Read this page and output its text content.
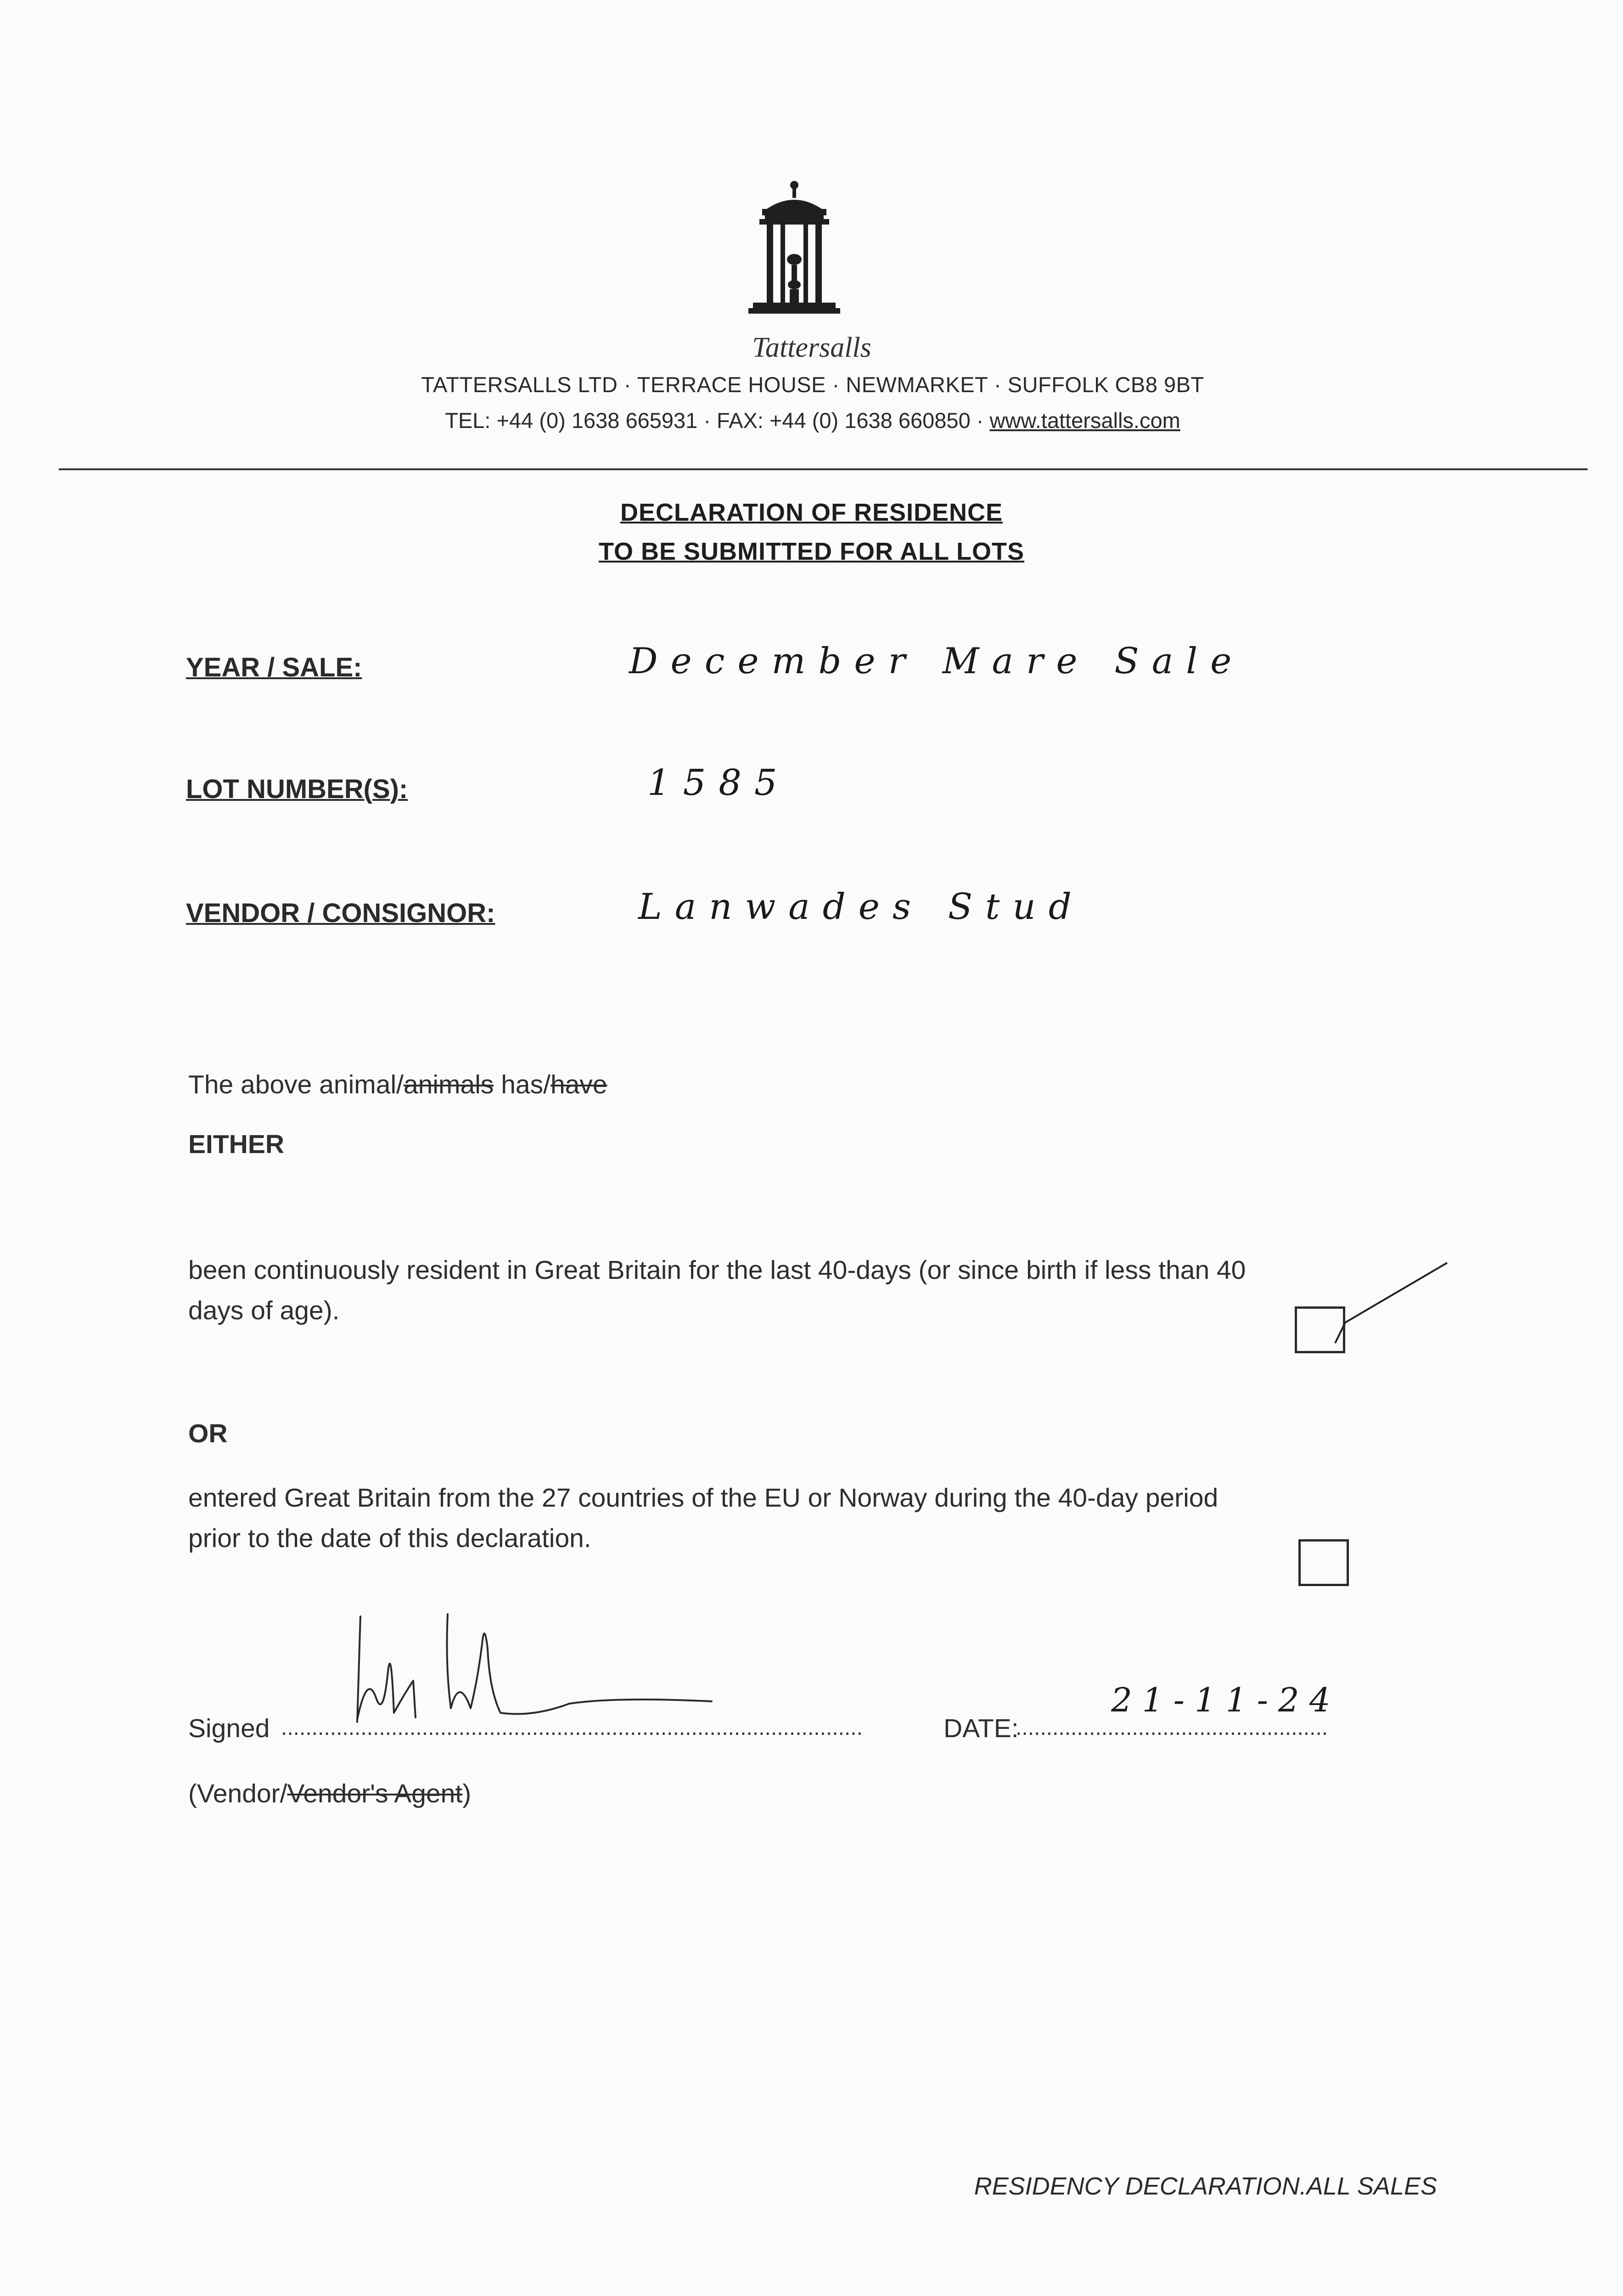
Tattersalls
TATTERSALLS LTD · TERRACE HOUSE · NEWMARKET · SUFFOLK CB8 9BT
TEL: +44 (0) 1638 665931 · FAX: +44 (0) 1638 660850 · www.tattersalls.com
DECLARATION OF RESIDENCE
TO BE SUBMITTED FOR ALL LOTS
YEAR / SALE:	December Mare Sale
LOT NUMBER(S):	1585
VENDOR / CONSIGNOR:	Lanwades Stud
The above animal/animals has/have
EITHER
been continuously resident in Great Britain for the last 40-days (or since birth if less than 40
days of age).
OR
entered Great Britain from the 27 countries of the EU or Norway during the 40-day period
prior to the date of this declaration.
Signed ...............................................................................................	DATE:
...................................................
21-11-24
(Vendor/Vendor's Agent)
RESIDENCY DECLARATION.ALL SALES
